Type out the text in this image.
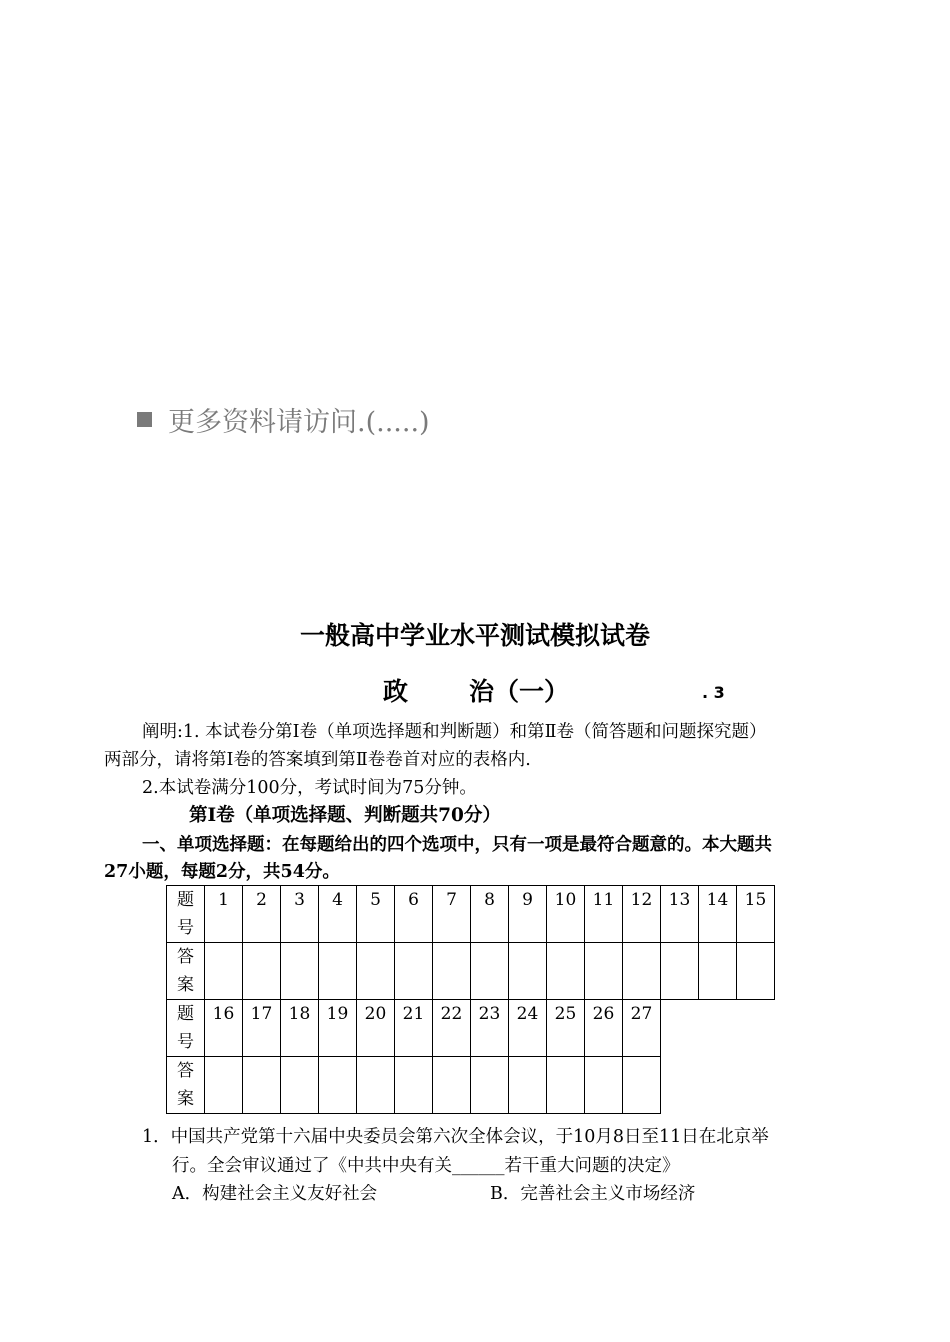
更多资料请访问.(.....)
一般高中学业水平测试模拟试卷
政 治（一）	. 3
阐明:1. 本试卷分第Ⅰ卷（单项选择题和判断题）和第Ⅱ卷（简答题和问题探究题）
两部分，请将第Ⅰ卷的答案填到第Ⅱ卷卷首对应的表格内.
2.本试卷满分100分，考试时间为75分钟。
第Ⅰ卷（单项选择题、判断题共70分）
一、单项选择题：在每题给出的四个选项中，只有一项是最符合题意的。本大题共
27小题，每题2分，共54分。
题
号	1	2	3	4	5	6	7	8	9	10	11	12	13	14	15
答
案															
题
号	16	17	18	19	20	21	22	23	24	25	26	27			
答
案															
1．中国共产党第十六届中央委员会第六次全体会议，于10月8日至11日在北京举
行。全会审议通过了《中共中央有关______若干重大问题的决定》
A．构建社会主义友好社会	B．完善社会主义市场经济
